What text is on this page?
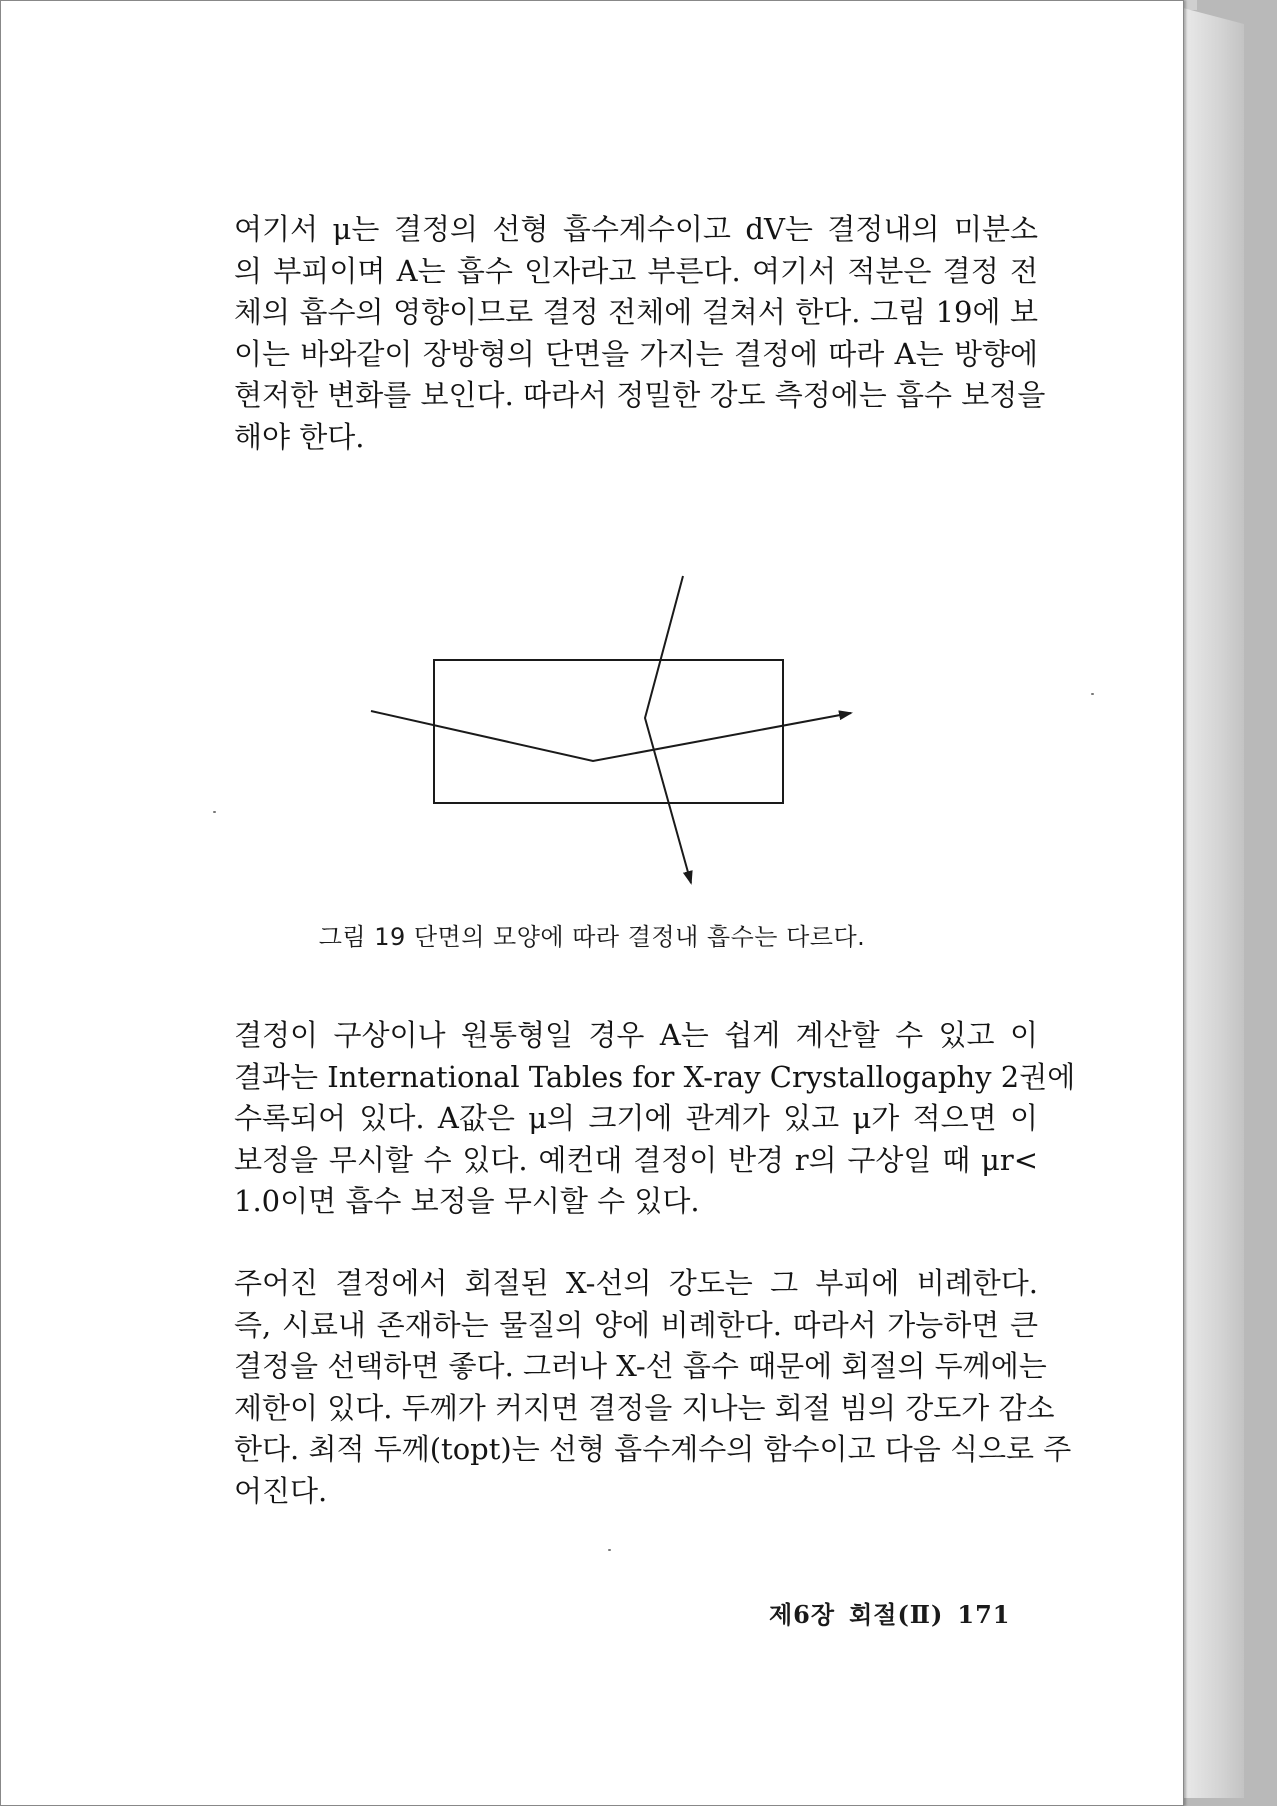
여기서 μ는 결정의 선형 흡수계수이고 dV는 결정내의 미분소
의 부피이며 A는 흡수 인자라고 부른다. 여기서 적분은 결정 전
체의 흡수의 영향이므로 결정 전체에 걸쳐서 한다. 그림 19에 보
이는 바와같이 장방형의 단면을 가지는 결정에 따라 A는 방향에
현저한 변화를 보인다. 따라서 정밀한 강도 측정에는 흡수 보정을
해야 한다.

그림 19 단면의 모양에 따라 결정내 흡수는 다르다.

결정이 구상이나 원통형일 경우 A는 쉽게 계산할 수 있고 이
결과는 International Tables for X-ray Crystallogaphy 2권에
수록되어 있다. A값은 μ의 크기에 관계가 있고 μ가 적으면 이
보정을 무시할 수 있다. 예컨대 결정이 반경 r의 구상일 때 μr<
1.0이면 흡수 보정을 무시할 수 있다.

주어진 결정에서 회절된 X-선의 강도는 그 부피에 비례한다.
즉, 시료내 존재하는 물질의 양에 비례한다. 따라서 가능하면 큰
결정을 선택하면 좋다. 그러나 X-선 흡수 때문에 회절의 두께에는
제한이 있다. 두께가 커지면 결정을 지나는 회절 빔의 강도가 감소
한다. 최적 두께(topt)는 선형 흡수계수의 함수이고 다음 식으로 주
어진다.

제6장 회절(Ⅱ) 171
